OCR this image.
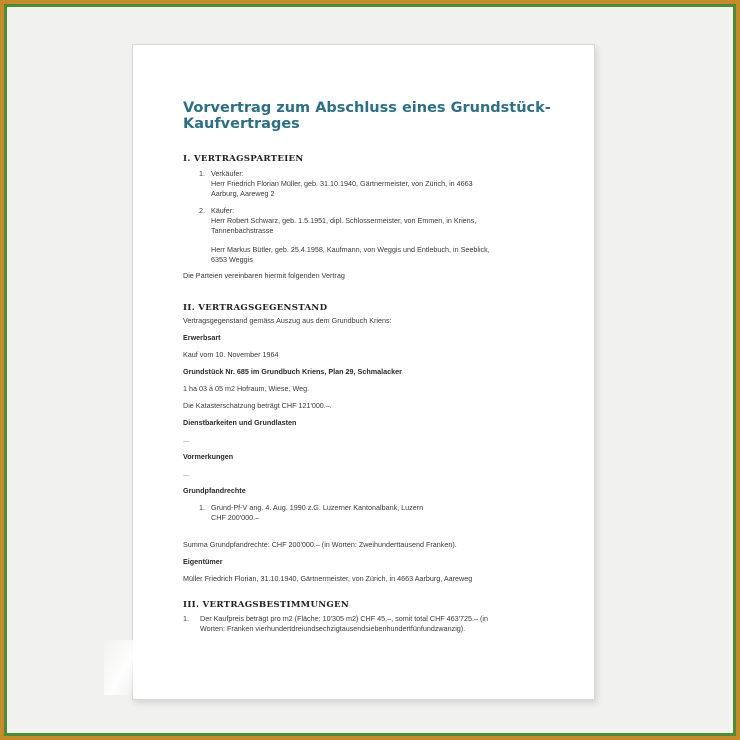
Vorvertrag zum Abschluss eines Grundstück-
Kaufvertrages
I. VERTRAGSPARTEIEN
1. Verkäufer:
Herr Friedrich Florian Müller, geb. 31.10.1940, Gärtnermeister, von Zürich, in 4663
Aarburg, Aareweg 2
2. Käufer:
Herr Robert Schwarz, geb. 1.5.1951, dipl. Schlossermeister, von Emmen, in Kriens,
Tannenbachstrasse
Herr Markus Bütler, geb. 25.4.1958, Kaufmann, von Weggis und Entlebuch, in Seeblick,
6353 Weggis

Die Parteien vereinbaren hiermit folgenden Vertrag

II. VERTRAGSGEGENSTAND

Vertragsgegenstand gemäss Auszug aus dem Grundbuch Kriens:

Erwerbsart

Kauf vom 10. November 1964

Grundstück Nr. 685 im Grundbuch Kriens, Plan 29, Schmalacker

1 ha 03 à 05 m2 Hofraum, Wiese, Weg.

Die Katasterschatzung beträgt CHF 121'000.–.

Dienstbarkeiten und Grundlasten

...

Vormerkungen

...

Grundpfandrechte

1. Grund-Pf-V ang. 4. Aug. 1990 z.G. Luzerner Kantonalbank, Luzern
CHF 200'000.–

Summa Grundpfandrechte: CHF 200'000.– (in Worten: Zweihunderttausend Franken).

Eigentümer

Müller Friedrich Florian, 31.10.1940, Gärtnermeister, von Zürich, in 4663 Aarburg, Aareweg

III. VERTRAGSBESTIMMUNGEN
1. Der Kaufpreis beträgt pro m2 (Fläche: 10'305 m2) CHF 45.–, somit total CHF 463'725.– (in
Worten: Franken vierhundertdreiundsechzigtausendsiebenhundertfünfundzwanzig).
